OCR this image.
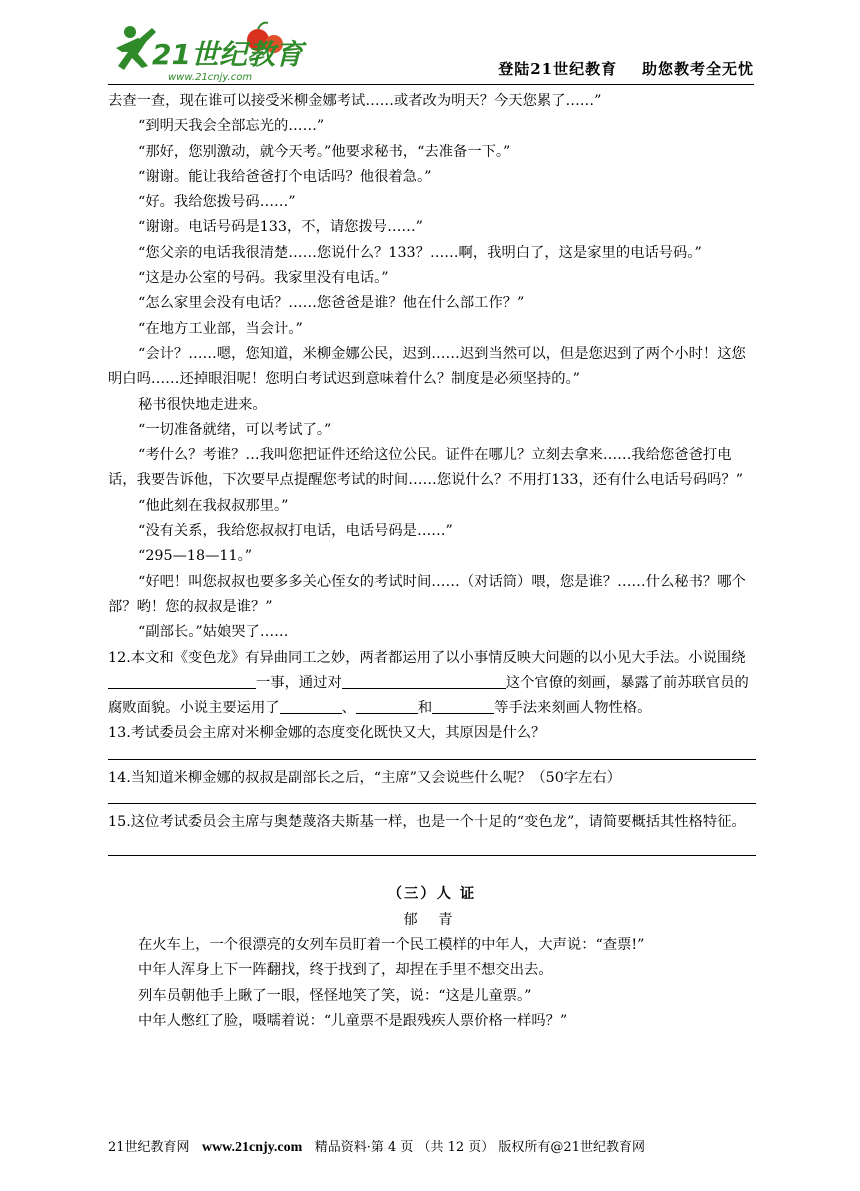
21世纪教育
www.21cnjy.com	登陆21世纪教育    助您教考全无忧

去查一查，现在谁可以接受米柳金娜考试……或者改为明天？今天您累了……”

“到明天我会全部忘光的……”

“那好，您别激动，就今天考。”他要求秘书，“去准备一下。”

“谢谢。能让我给爸爸打个电话吗？他很着急。”

“好。我给您拨号码……”

“谢谢。电话号码是133，不，请您拨号……”

“您父亲的电话我很清楚……您说什么？133？……啊，我明白了，这是家里的电话号码。”

“这是办公室的号码。我家里没有电话。”

“怎么家里会没有电话？……您爸爸是谁？他在什么部工作？”

“在地方工业部，当会计。”

“会计？……嗯，您知道，米柳金娜公民，迟到……迟到当然可以，但是您迟到了两个小时！这您明白吗……还掉眼泪呢！您明白考试迟到意味着什么？制度是必须坚持的。”

秘书很快地走进来。

“一切准备就绪，可以考试了。”

“考什么？考谁？…我叫您把证件还给这位公民。证件在哪儿？立刻去拿来……我给您爸爸打电话，我要告诉他，下次要早点提醒您考试的时间……您说什么？不用打133，还有什么电话号码吗？”

“他此刻在我叔叔那里。”

“没有关系，我给您叔叔打电话，电话号码是……”

“295—18—11。”

“好吧！叫您叔叔也要多多关心侄女的考试时间……（对话筒）喂，您是谁？……什么秘书？哪个部？哟！您的叔叔是谁？”

“副部长。”姑娘哭了……

12.本文和《变色龙》有异曲同工之妙，两者都运用了以小事情反映大问题的以小见大手法。小说围绕一事，通过对	这个官僚的刻画，暴露了前苏联官员的腐败面貌。小说主要运用了	、	和	等手法来刻画人物性格。

13.考试委员会主席对米柳金娜的态度变化既快又大，其原因是什么？

14.当知道米柳金娜的叔叔是副部长之后，“主席”又会说些什么呢？（50字左右）

15.这位考试委员会主席与奥楚蔑洛夫斯基一样，也是一个十足的“变色龙”，请简要概括其性格特征。

（三）人 证

郁 青

在火车上，一个很漂亮的女列车员盯着一个民工模样的中年人，大声说：“查票!”

中年人浑身上下一阵翻找，终于找到了，却捏在手里不想交出去。

列车员朝他手上瞅了一眼，怪怪地笑了笑，说：“这是儿童票。”

中年人憋红了脸，嗫嚅着说：“儿童票不是跟残疾人票价格一样吗？”

21世纪教育网 www.21cnjy.com 精品资料·第 4 页 （共 12 页） 版权所有@21世纪教育网
